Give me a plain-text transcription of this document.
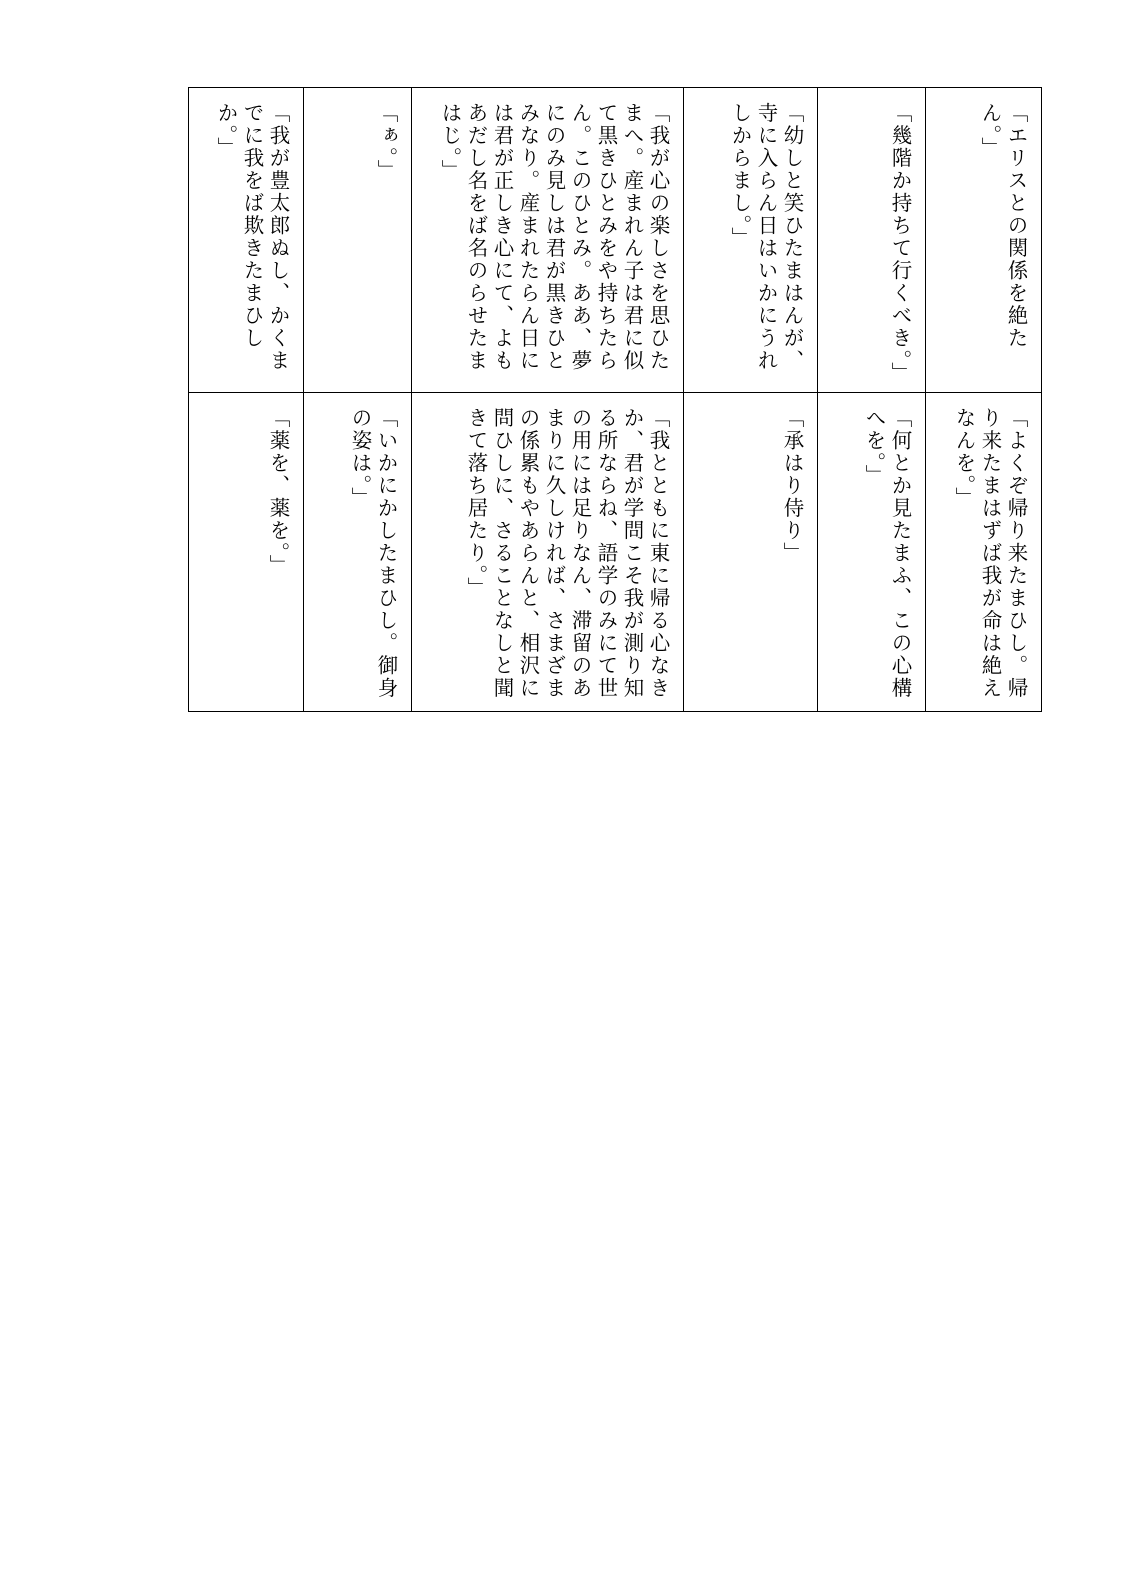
「我が豊太郎ぬし、かくまでに我をば欺きたまひしか。」	「ぁ。」	「我が心の楽しさを思ひたまへ。産まれん子は君に似て黒きひとみをや持ちたらん。このひとみ。ああ、夢にのみ見しは君が黒きひとみなり。産まれたらん日には君が正しき心にて、よもあだし名をば名のらせたまはじ。」	「幼しと笑ひたまはんが、寺に入らん日はいかにうれしからまし。」	「幾階か持ちて行くべき。」	「エリスとの関係を絶たん。」

「薬を、薬を。」	「いかにかしたまひし。御身の姿は。」	「我とともに東に帰る心なきか、君が学問こそ我が測り知る所ならね、語学のみにて世の用には足りなん、滞留のあまりに久しければ、さまざまの係累もやあらんと、相沢に問ひしに、さることなしと聞きて落ち居たり。」	「承はり侍り」	「何とか見たまふ、この心構へを。」	「よくぞ帰り来たまひし。帰り来たまはずば我が命は絶えなんを。」
